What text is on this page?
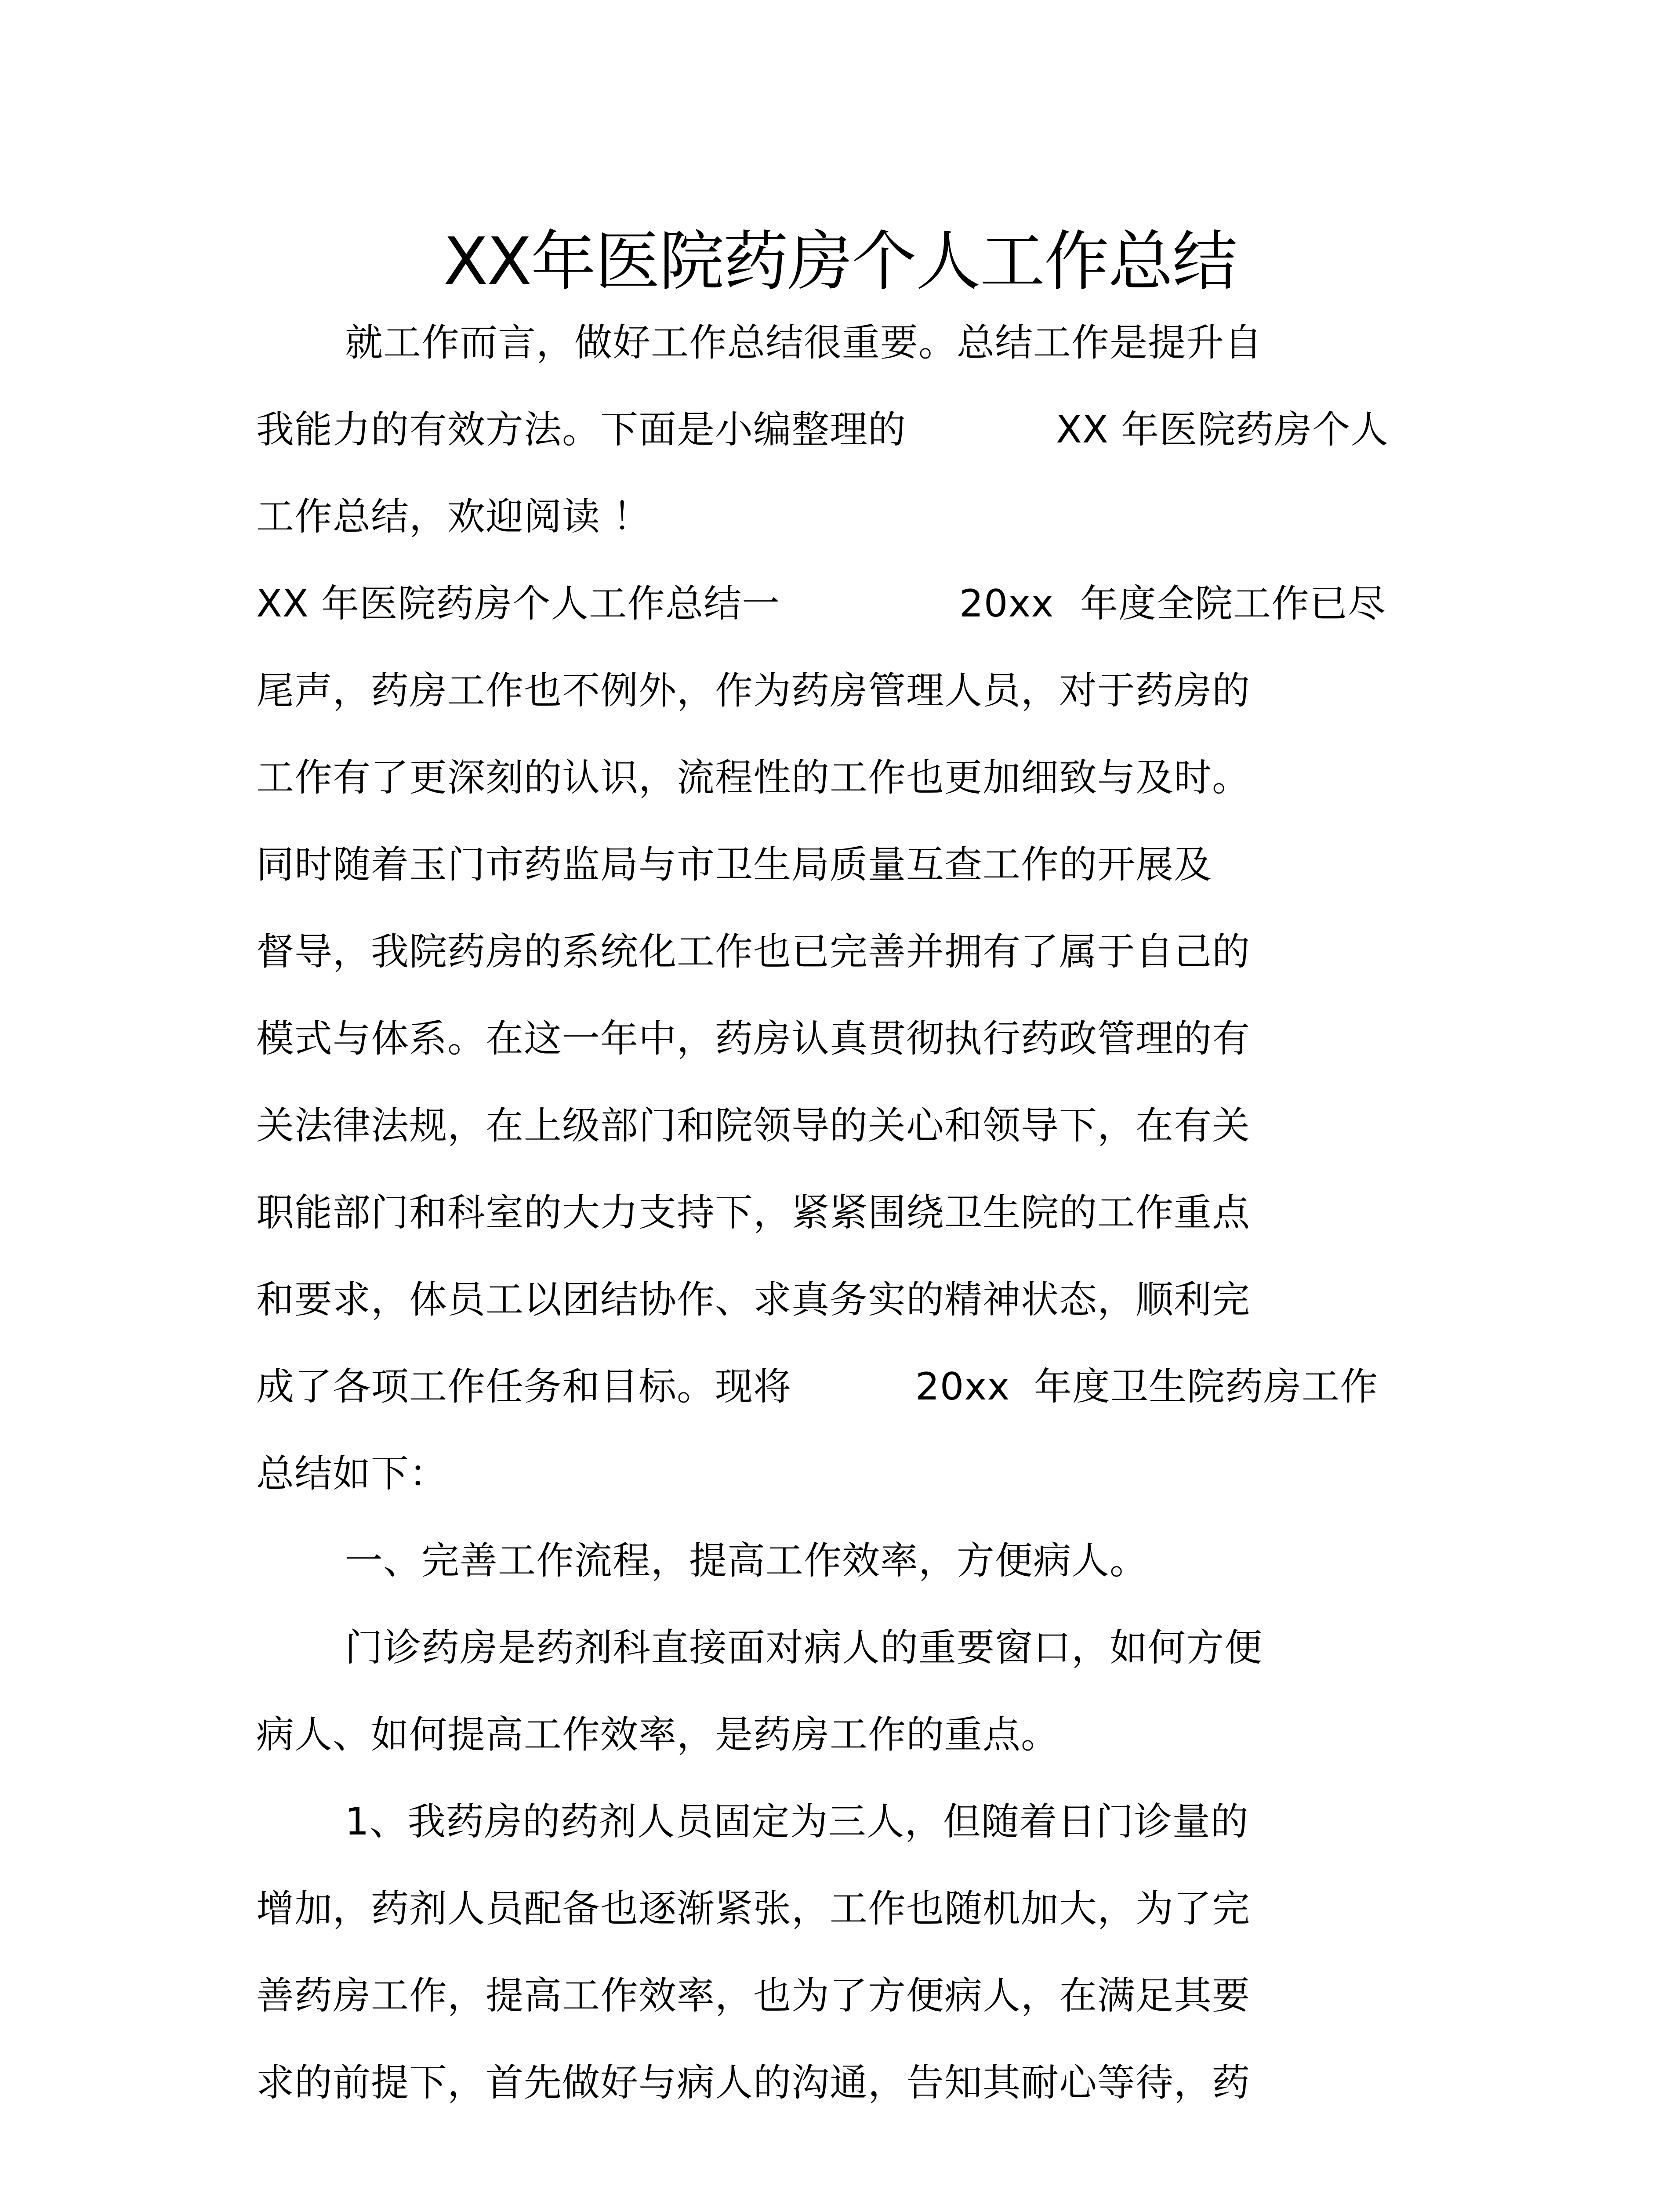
XX年医院药房个人工作总结
就工作而言，做好工作总结很重要。总结工作是提升自
我能力的有效方法。下面是小编整理的	XX 年医院药房个人
工作总结，欢迎阅读 ！
XX 年医院药房个人工作总结一	20xx 年度全院工作已尽
尾声，药房工作也不例外，作为药房管理人员，对于药房的
工作有了更深刻的认识，流程性的工作也更加细致与及时。
同时随着玉门市药监局与市卫生局质量互查工作的开展及
督导，我院药房的系统化工作也已完善并拥有了属于自己的
模式与体系。在这一年中，药房认真贯彻执行药政管理的有
关法律法规，在上级部门和院领导的关心和领导下，在有关
职能部门和科室的大力支持下，紧紧围绕卫生院的工作重点
和要求，体员工以团结协作、求真务实的精神状态，顺利完
成了各项工作任务和目标。现将	20xx 年度卫生院药房工作
总结如下：
一、完善工作流程，提高工作效率，方便病人。
门诊药房是药剂科直接面对病人的重要窗口，如何方便
病人、如何提高工作效率，是药房工作的重点。
1、我药房的药剂人员固定为三人，但随着日门诊量的
增加，药剂人员配备也逐渐紧张，工作也随机加大，为了完
善药房工作，提高工作效率，也为了方便病人，在满足其要
求的前提下，首先做好与病人的沟通，告知其耐心等待，药
